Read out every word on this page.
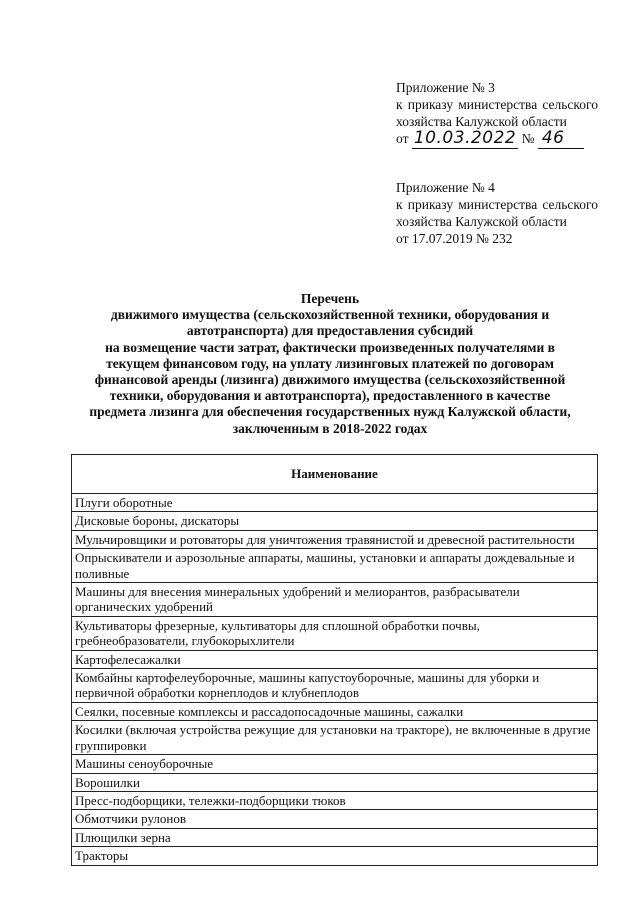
Приложение № 3
к приказу министерства сельского хозяйства Калужской области
от 10.03.2022 № 46
Приложение № 4
к приказу министерства сельского хозяйства Калужской области
от 17.07.2019 № 232
Перечень
движимого имущества (сельскохозяйственной техники, оборудования и
автотранспорта) для предоставления субсидий
на возмещение части затрат, фактически произведенных получателями в
текущем финансовом году, на уплату лизинговых платежей по договорам
финансовой аренды (лизинга) движимого имущества (сельскохозяйственной
техники, оборудования и автотранспорта), предоставленного в качестве
предмета лизинга для обеспечения государственных нужд Калужской области,
заключенным в 2018-2022 годах
Наименование
Плуги оборотные
Дисковые бороны, дискаторы
Мульчировщики и ротоваторы для уничтожения травянистой и древесной растительности
Опрыскиватели и аэрозольные аппараты, машины, установки и аппараты дождевальные и поливные
Машины для внесения минеральных удобрений и мелиорантов, разбрасыватели органических удобрений
Культиваторы фрезерные, культиваторы для сплошной обработки почвы, гребнеобразователи, глубокорыхлители
Картофелесажалки
Комбайны картофелеуборочные, машины капустоуборочные, машины для уборки и первичной обработки корнеплодов и клубнеплодов
Сеялки, посевные комплексы и рассадопосадочные машины, сажалки
Косилки (включая устройства режущие для установки на тракторе), не включенные в другие группировки
Машины сеноуборочные
Ворошилки
Пресс-подборщики, тележки-подборщики тюков
Обмотчики рулонов
Плющилки зерна
Тракторы
